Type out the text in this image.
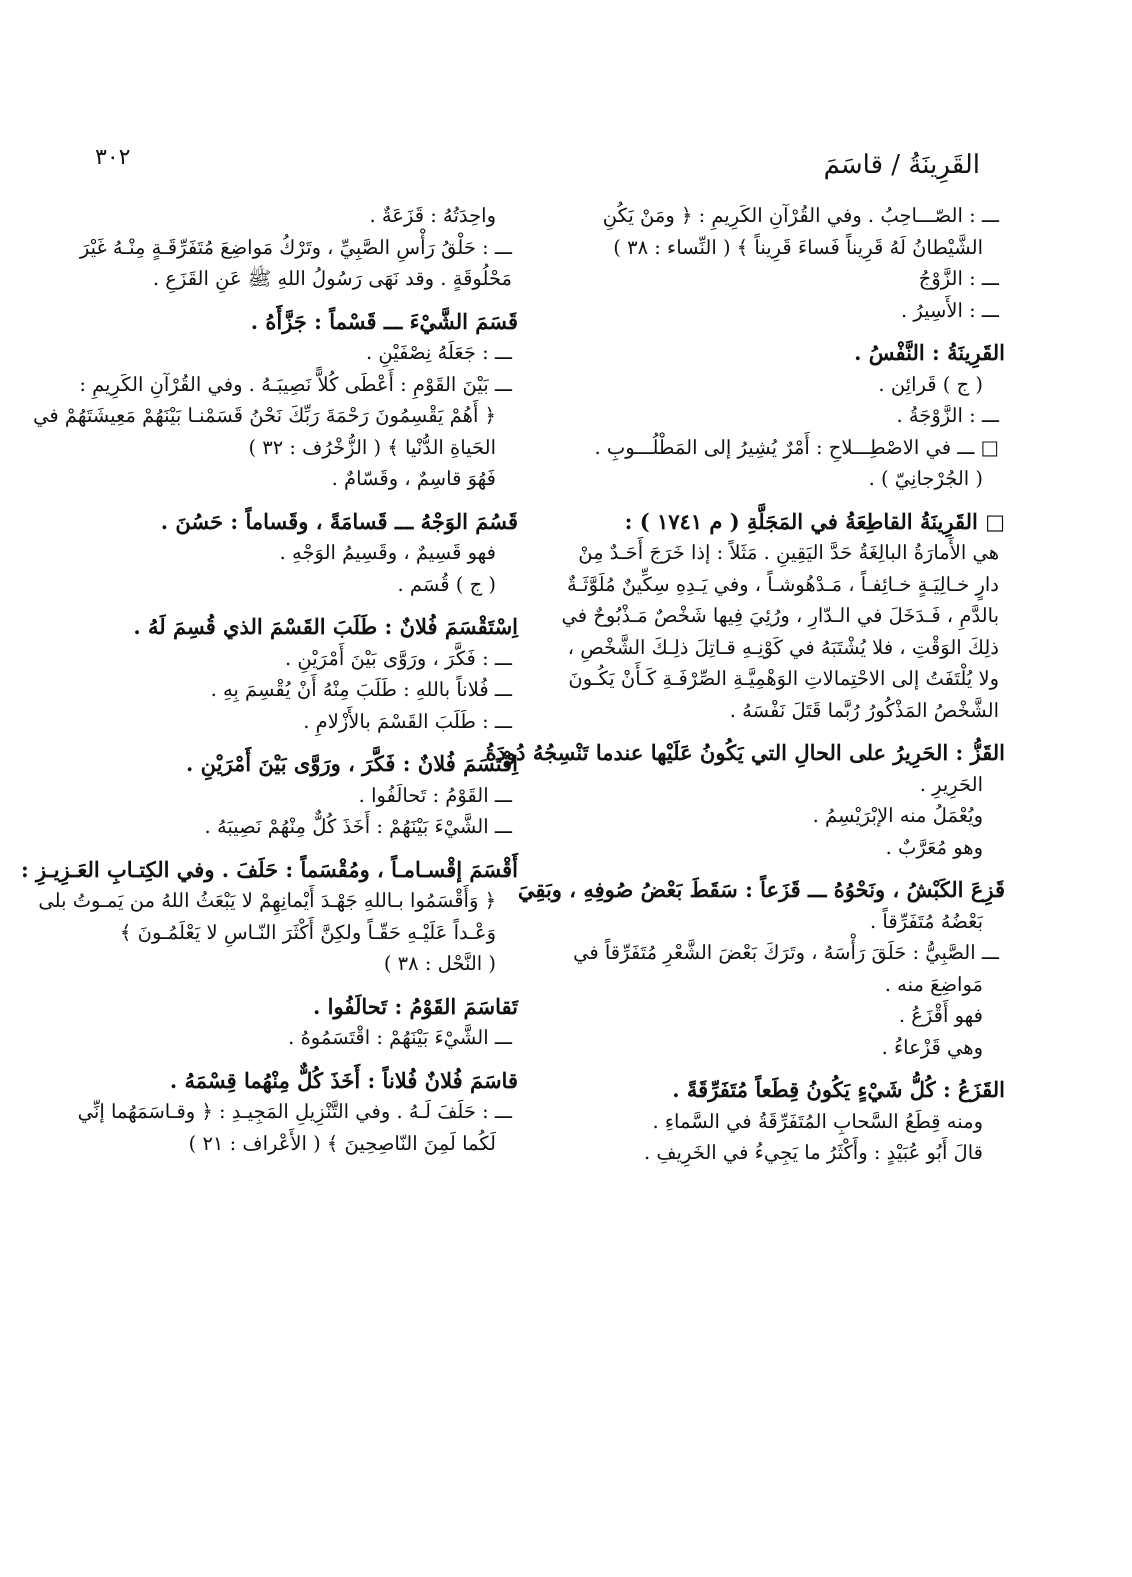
٣٠٢	القَرِينَةُ / قاسَمَ
ـــ : الصّـــاحِبُ . وفي القُرْآنِ الكَرِيمِ : ﴿ ومَنْ يَكُنِ
الشَّيْطانُ لَهُ قَرِيناً فَساءَ قَرِيناً ﴾ ( النِّساء : ٣٨ )
ـــ : الزَّوْجُ
ـــ : الأَسِيرُ .
القَرِينَةُ : النَّفْسُ .
( ج ) قَرائِن .
ـــ : الزَّوْجَةُ .
□ ـــ في الاصْطِـــلاحِ : أَمْرٌ يُشِيرُ إلى المَطْلُـــوبِ .
( الجُرْجانِيّ ) .
□ القَرِينَةُ القاطِعَةُ في المَجَلَّةِ ( م ١٧٤١ ) :
هي الأَمارَةُ البالِغَةُ حَدَّ اليَقِينِ . مَثَلاً : إذا خَرَجَ أَحَـدٌ مِنْ
دارٍ خـالِيَـةٍ خـائِفـاً ، مَـدْهُوشـاً ، وفي يَـدِهِ سِكِّينٌ مُلَوَّثَـةٌ
بالدَّمِ ، فَـدَخَلَ في الـدّارِ ، ورُئِيَ فِيها شَخْصٌ مَـذْبُوحٌ في
ذلِكَ الوَقْتِ ، فلا يُشْتَبَهُ في كَوْنِـهِ قـاتِلَ ذلِـكَ الشَّخْصِ ،
ولا يُلْتَفَتُ إلى الاحْتِمالاتِ الوَهْمِيَّـةِ الصِّرْفَـةِ كَـأَنْ يَكُـونَ
الشَّخْصُ المَذْكُورُ رُبَّما قَتَلَ نَفْسَهُ .
القَزُّ : الحَرِيرُ على الحالِ التي يَكُونُ عَلَيْها عندما تَنْسِجُهُ دُودَةُ
الحَرِيرِ .
ويُعْمَلُ منه الإبْرَيْسِمُ .
وهو مُعَرَّبٌ .
قَزِعَ الكَبْشُ ، ونَحْوُهُ ـــ قَزَعاً : سَقَطَ بَعْضُ صُوفِهِ ، وبَقِيَ
بَعْضُهُ مُتَفَرِّقاً .
ـــ الصَّبِيُّ : حَلَقَ رَأْسَهُ ، وتَرَكَ بَعْضَ الشَّعْرِ مُتَفَرِّقاً في
مَواضِعَ منه .
فهو أَقْزَعُ .
وهي قَزْعاءُ .
القَزَعُ : كُلُّ شَيْءٍ يَكُونُ قِطَعاً مُتَفَرِّقَةً .
ومنه قِطَعُ السَّحابِ المُتَفَرِّقَةُ في السَّماءِ .
قالَ أَبُو عُبَيْدٍ : وأَكْثَرُ ما يَجِيءُ في الخَرِيفِ .
واحِدَتُهُ : قَزَعَةٌ .
ـــ : حَلْقُ رَأْسِ الصَّبِيِّ ، وتَرْكُ مَواضِعَ مُتَفَرِّقَـةٍ مِنْـهُ غَيْرَ
مَحْلُوقَةٍ . وقد نَهَى رَسُولُ اللهِ ﷺ عَنِ القَزَعِ .
قَسَمَ الشَّيْءَ ـــ قَسْماً : جَزَّأَهُ .
ـــ : جَعَلَهُ نِصْفَيْنِ .
ـــ بَيْنَ القَوْمِ : أَعْطَى كُلاًّ نَصِيبَـهُ . وفي القُرْآنِ الكَرِيمِ :
﴿ أَهُمْ يَقْسِمُونَ رَحْمَةَ رَبِّكَ نَحْنُ قَسَمْنـا بَيْنَهُمْ مَعِيشَتَهُمْ في
الحَياةِ الدُّنْيا ﴾ ( الزُّخْرُف : ٣٢ )
فَهُوَ قاسِمٌ ، وقَسّامٌ .
قَسُمَ الوَجْهُ ـــ قَسامَةً ، وقَساماً : حَسُنَ .
فهو قَسِيمٌ ، وقَسِيمُ الوَجْهِ .
( ج ) قُسَم .
اِسْتَقْسَمَ فُلانٌ : طَلَبَ القَسْمَ الذي قُسِمَ لَهُ .
ـــ : فَكَّرَ ، ورَوَّى بَيْنَ أَمْرَيْنِ .
ـــ فُلاناً باللهِ : طَلَبَ مِنْهُ أَنْ يُقْسِمَ بِهِ .
ـــ : طَلَبَ القَسْمَ بالأَزْلامِ .
اِقْتَسَمَ فُلانٌ : فَكَّرَ ، ورَوَّى بَيْنَ أَمْرَيْنِ .
ـــ القَوْمُ : تَحالَفُوا .
ـــ الشَّيْءَ بَيْنَهُمْ : أَخَذَ كُلٌّ مِنْهُمْ نَصِيبَهُ .
أَقْسَمَ إقْسـامـاً ، ومُقْسَماً : حَلَفَ . وفي الكِتـابِ العَـزِيـزِ :
﴿ وَأَقْسَمُوا بـاللهِ جَهْـدَ أَيْمانِهِمْ لا يَبْعَثُ اللهُ من يَمـوتُ بلى
وَعْـداً عَلَيْـهِ حَقّـاً ولكِنَّ أَكْثَرَ النّـاسِ لا يَعْلَمُـونَ ﴾
( النَّحْل : ٣٨ )
تَقاسَمَ القَوْمُ : تَحالَفُوا .
ـــ الشَّيْءَ بَيْنَهُمْ : اقْتَسَمُوهُ .
قاسَمَ فُلانٌ فُلاناً : أَخَذَ كُلٌّ مِنْهُما قِسْمَهُ .
ـــ : حَلَفَ لَـهُ . وفي التَّنْزِيلِ المَجِيـدِ : ﴿ وقـاسَمَهُما إنِّي
لَكُما لَمِنَ النّاصِحِينَ ﴾ ( الأَعْراف : ٢١ )
